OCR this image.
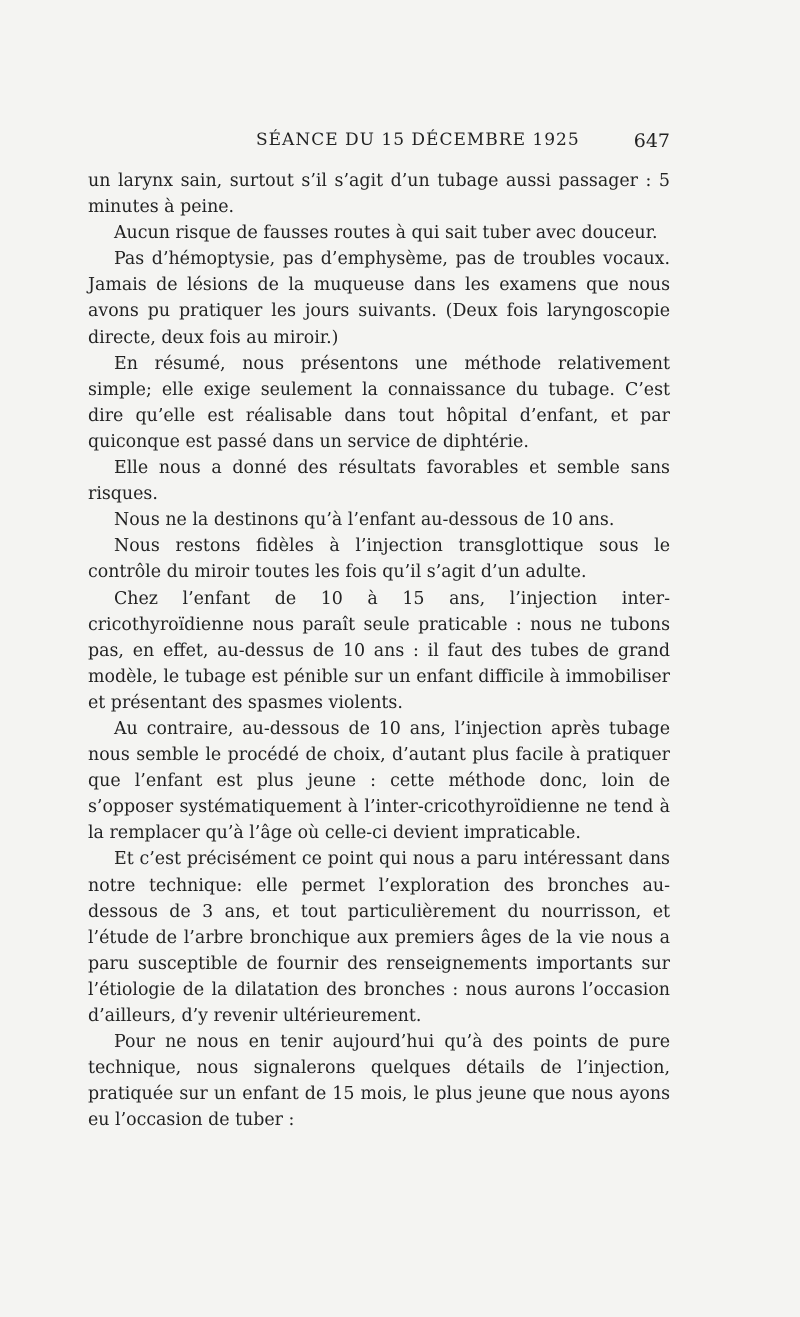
SÉANCE DU 15 DÉCEMBRE 1925	647

un larynx sain, surtout s’il s’agit d’un tubage aussi passager : 5 minutes à peine.

Aucun risque de fausses routes à qui sait tuber avec douceur.

Pas d’hémoptysie, pas d’emphysème, pas de troubles vocaux. Jamais de lésions de la muqueuse dans les examens que nous avons pu pratiquer les jours suivants. (Deux fois laryngoscopie directe, deux fois au miroir.)

En résumé, nous présentons une méthode relativement simple; elle exige seulement la connaissance du tubage. C’est dire qu’elle est réalisable dans tout hôpital d’enfant, et par quiconque est passé dans un service de diphtérie.

Elle nous a donné des résultats favorables et semble sans risques.

Nous ne la destinons qu’à l’enfant au-dessous de 10 ans.

Nous restons fidèles à l’injection transglottique sous le contrôle du miroir toutes les fois qu’il s’agit d’un adulte.

Chez l’enfant de 10 à 15 ans, l’injection inter-cricothyroïdienne nous paraît seule praticable : nous ne tubons pas, en effet, au-dessus de 10 ans : il faut des tubes de grand modèle, le tubage est pénible sur un enfant difficile à immobiliser et présentant des spasmes violents.

Au contraire, au-dessous de 10 ans, l’injection après tubage nous semble le procédé de choix, d’autant plus facile à pratiquer que l’enfant est plus jeune : cette méthode donc, loin de s’opposer systématiquement à l’inter-cricothyroïdienne ne tend à la remplacer qu’à l’âge où celle-ci devient impraticable.

Et c’est précisément ce point qui nous a paru intéressant dans notre technique: elle permet l’exploration des bronches au-dessous de 3 ans, et tout particulièrement du nourrisson, et l’étude de l’arbre bronchique aux premiers âges de la vie nous a paru susceptible de fournir des renseignements importants sur l’étiologie de la dilatation des bronches : nous aurons l’occasion d’ailleurs, d’y revenir ultérieurement.

Pour ne nous en tenir aujourd’hui qu’à des points de pure technique, nous signalerons quelques détails de l’injection, pratiquée sur un enfant de 15 mois, le plus jeune que nous ayons eu l’occasion de tuber :
